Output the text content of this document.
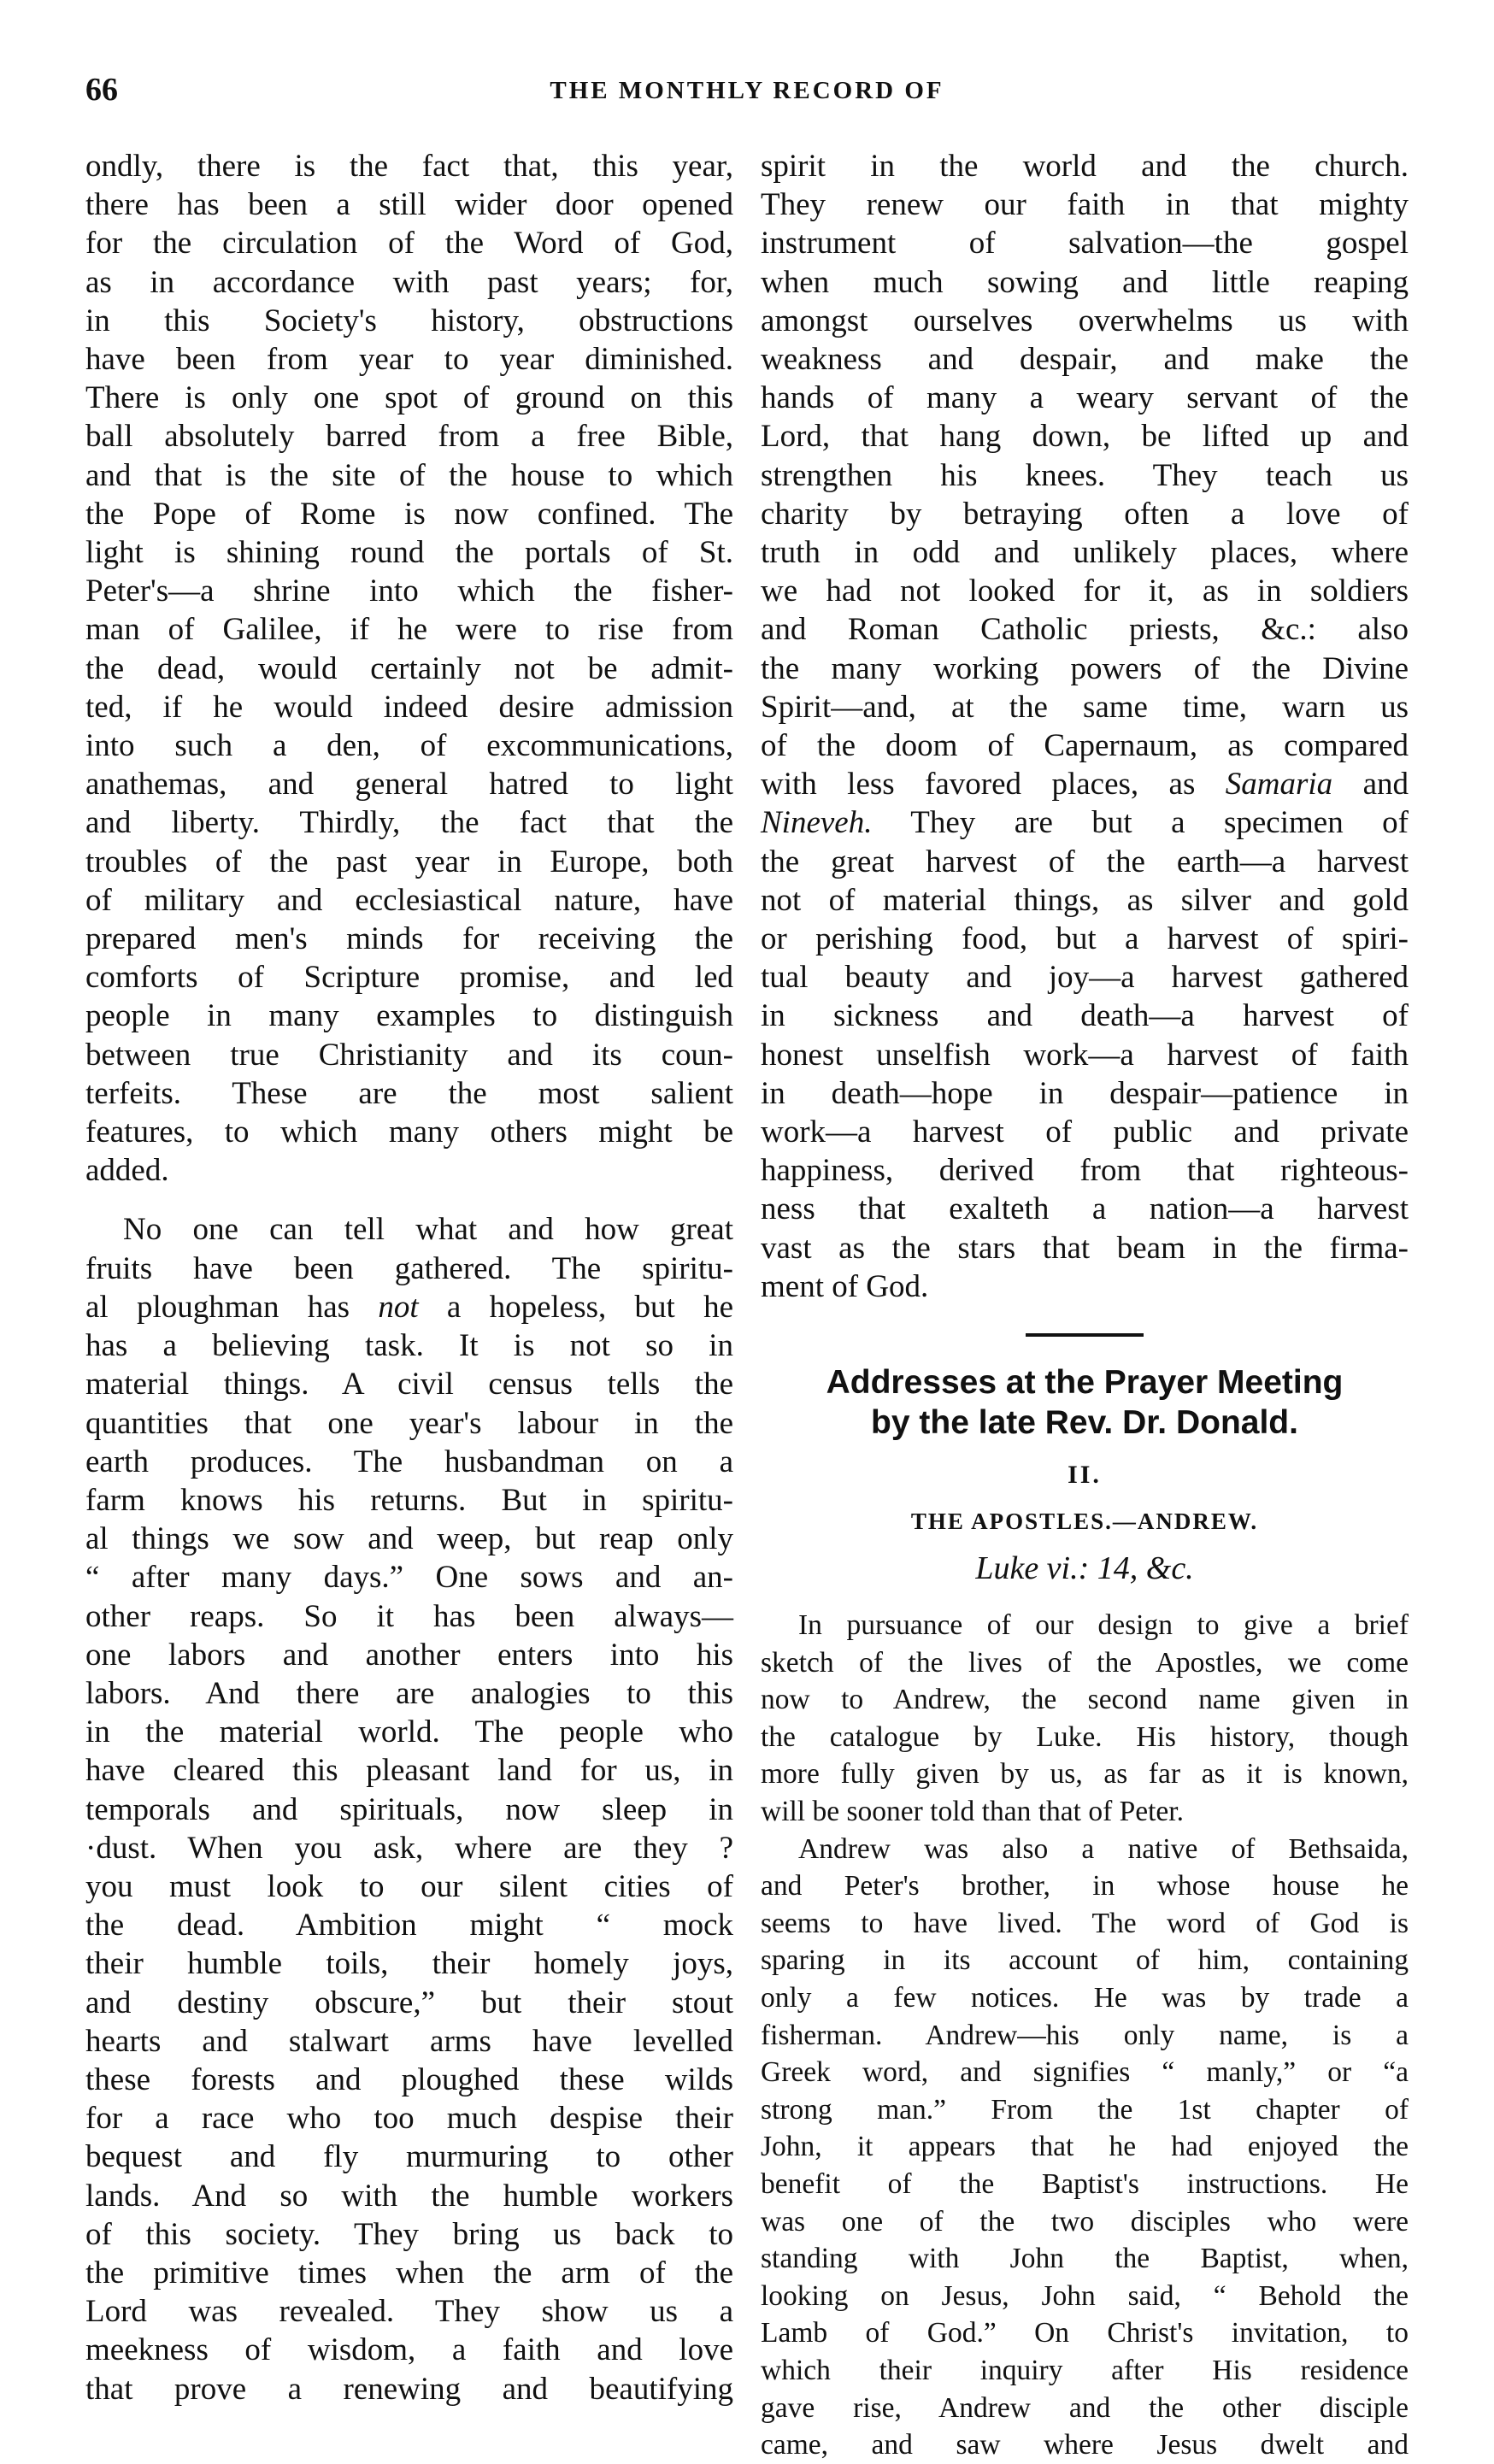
66	THE MONTHLY RECORD OF

ondly, there is the fact that, this year,

there has been a still wider door opened

for the circulation of the Word of God,

as in accordance with past years; for,

in this Society's history, obstructions

have been from year to year diminished.

There is only one spot of ground on this

ball absolutely barred from a free Bible,

and that is the site of the house to which

the Pope of Rome is now confined. The

light is shining round the portals of St.

Peter's—a shrine into which the fisher-

man of Galilee, if he were to rise from

the dead, would certainly not be admit-

ted, if he would indeed desire admission

into such a den, of excommunications,

anathemas, and general hatred to light

and liberty. Thirdly, the fact that the

troubles of the past year in Europe, both

of military and ecclesiastical nature, have

prepared men's minds for receiving the

comforts of Scripture promise, and led

people in many examples to distinguish

between true Christianity and its coun-

terfeits. These are the most salient

features, to which many others might be

added.

No one can tell what and how great

fruits have been gathered. The spiritu-

al ploughman has not a hopeless, but he

has a believing task. It is not so in

material things. A civil census tells the

quantities that one year's labour in the

earth produces. The husbandman on a

farm knows his returns. But in spiritu-

al things we sow and weep, but reap only

“ after many days.” One sows and an-

other reaps. So it has been always—

one labors and another enters into his

labors. And there are analogies to this

in the material world. The people who

have cleared this pleasant land for us, in

temporals and spirituals, now sleep in

·dust. When you ask, where are they ?

you must look to our silent cities of

the dead. Ambition might “ mock

their humble toils, their homely joys,

and destiny obscure,” but their stout

hearts and stalwart arms have levelled

these forests and ploughed these wilds

for a race who too much despise their

bequest and fly murmuring to other

lands. And so with the humble workers

of this society. They bring us back to

the primitive times when the arm of the

Lord was revealed. They show us a

meekness of wisdom, a faith and love

that prove a renewing and beautifying

spirit in the world and the church.

They renew our faith in that mighty

instrument of salvation—the gospel

when much sowing and little reaping

amongst ourselves overwhelms us with

weakness and despair, and make the

hands of many a weary servant of the

Lord, that hang down, be lifted up and

strengthen his knees. They teach us

charity by betraying often a love of

truth in odd and unlikely places, where

we had not looked for it, as in soldiers

and Roman Catholic priests, &c.: also

the many working powers of the Divine

Spirit—and, at the same time, warn us

of the doom of Capernaum, as compared

with less favored places, as Samaria and

Nineveh. They are but a specimen of

the great harvest of the earth—a harvest

not of material things, as silver and gold

or perishing food, but a harvest of spiri-

tual beauty and joy—a harvest gathered

in sickness and death—a harvest of

honest unselfish work—a harvest of faith

in death—hope in despair—patience in

work—a harvest of public and private

happiness, derived from that righteous-

ness that exalteth a nation—a harvest

vast as the stars that beam in the firma-

ment of God.

Addresses at the Prayer Meeting

by the late Rev. Dr. Donald.

II.

THE APOSTLES.—ANDREW.

Luke vi.: 14, &c.

In pursuance of our design to give a brief

sketch of the lives of the Apostles, we come

now to Andrew, the second name given in

the catalogue by Luke. His history, though

more fully given by us, as far as it is known,

will be sooner told than that of Peter.

Andrew was also a native of Bethsaida,

and Peter's brother, in whose house he

seems to have lived. The word of God is

sparing in its account of him, containing

only a few notices. He was by trade a

fisherman. Andrew—his only name, is a

Greek word, and signifies “ manly,” or “a

strong man.” From the 1st chapter of

John, it appears that he had enjoyed the

benefit of the Baptist's instructions. He

was one of the two disciples who were

standing with John the Baptist, when,

looking on Jesus, John said, “ Behold the

Lamb of God.” On Christ's invitation, to

which their inquiry after His residence

gave rise, Andrew and the other disciple

came, and saw where Jesus dwelt and
